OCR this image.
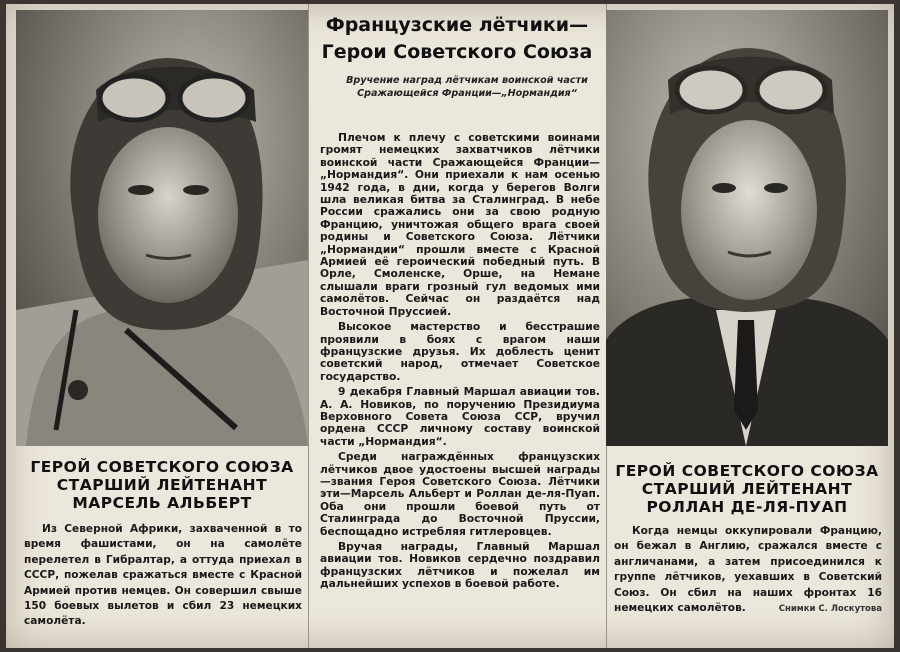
ГЕРОЙ СОВЕТСКОГО СОЮЗА
СТАРШИЙ ЛЕЙТЕНАНТ
МАРСЕЛЬ АЛЬБЕРТ
Из Северной Африки, захваченной в то время фашистами, он на самолёте перелетел в Гибралтар, а оттуда приехал в СССР, пожелав сражаться вместе с Красной Армией против немцев. Он совершил свыше 150 боевых вылетов и сбил 23 немецких самолёта.
Французские лётчики—
Герои Советского Союза
Вручение наград лётчикам воинской части Сражающейся Франции—„Нормандия“

Плечом к плечу с советскими воинами громят немецких захватчиков лётчики воинской части Сражающейся Франции—„Нормандия“. Они приехали к нам осенью 1942 года, в дни, когда у берегов Волги шла великая битва за Сталинград. В небе России сражались они за свою родную Францию, уничтожая общего врага своей родины и Советского Союза. Лётчики „Нормандии“ прошли вместе с Красной Армией её героический победный путь. В Орле, Смоленске, Орше, на Немане слышали враги грозный гул ведомых ими самолётов. Сейчас он раздаётся над Восточной Пруссией.

Высокое мастерство и бесстрашие проявили в боях с врагом наши французские друзья. Их доблесть ценит советский народ, отмечает Советское государство.

9 декабря Главный Маршал авиации тов. А. А. Новиков, по поручению Президиума Верховного Совета Союза ССР, вручил ордена СССР личному составу воинской части „Нормандия“.

Среди награждённых французских лётчиков двое удостоены высшей награды—звания Героя Советского Союза. Лётчики эти—Марсель Альберт и Роллан де-ля-Пуап. Оба они прошли боевой путь от Сталинграда до Восточной Пруссии, беспощадно истребляя гитлеровцев.

Вручая награды, Главный Маршал авиации тов. Новиков сердечно поздравил французских лётчиков и пожелал им дальнейших успехов в боевой работе.

ГЕРОЙ СОВЕТСКОГО СОЮЗА
СТАРШИЙ ЛЕЙТЕНАНТ
РОЛЛАН ДЕ-ЛЯ-ПУАП
Когда немцы оккупировали Францию, он бежал в Англию, сражался вместе с англичанами, а затем присоединился к группе лётчиков, уехавших в Советский Союз. Он сбил на наших фронтах 16 немецких самолётов.	Снимки С. Лоскутова
